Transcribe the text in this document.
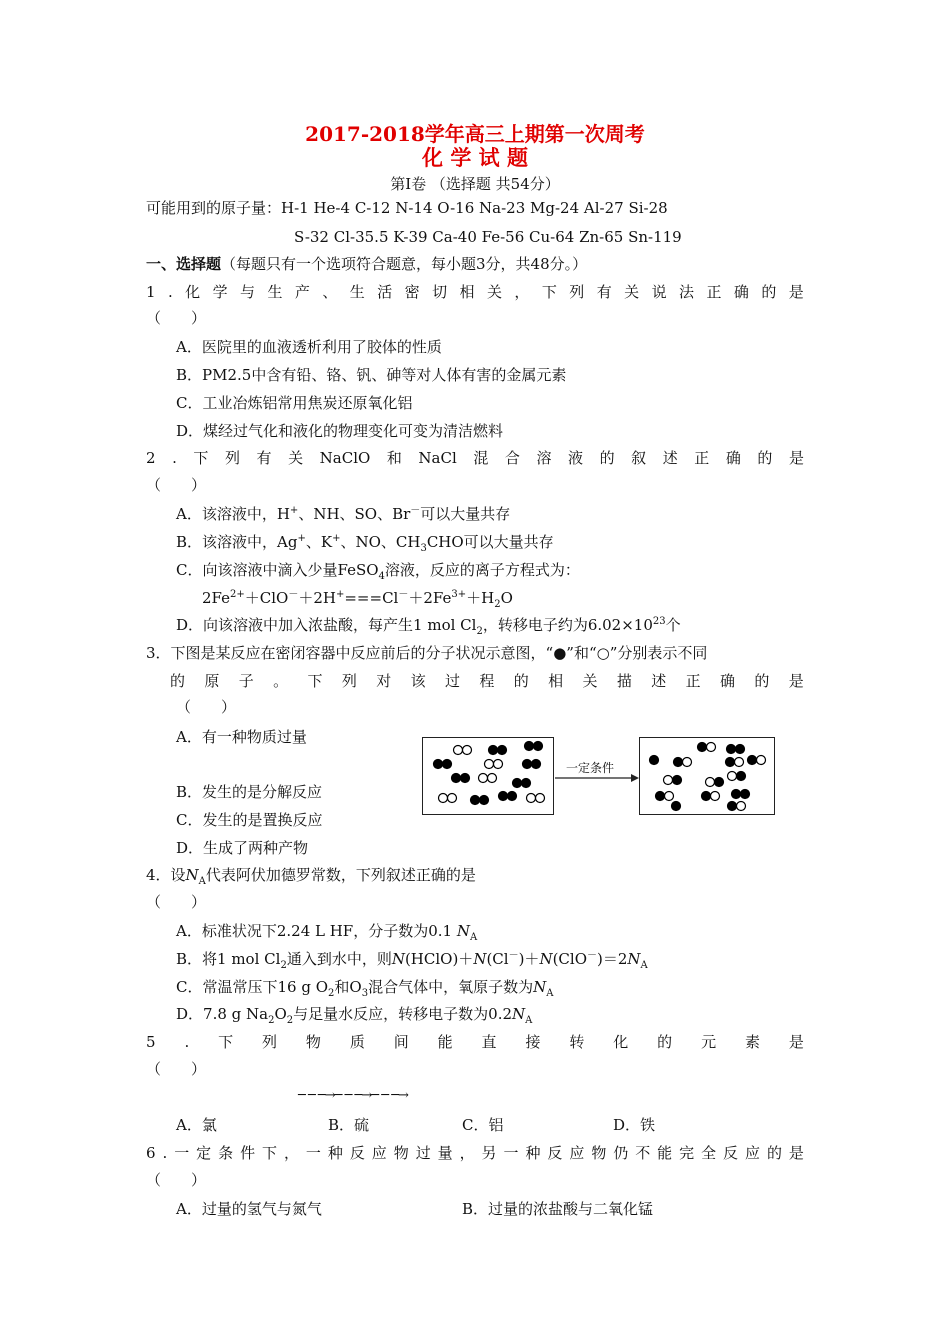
2017-2018学年高三上期第一次周考
化 学 试 题
第Ⅰ卷 （选择题 共54分）
可能用到的原子量：H-1 He-4 C-12 N-14 O-16 Na-23 Mg-24 Al-27 Si-28
S-32 Cl-35.5 K-39 Ca-40 Fe-56 Cu-64 Zn-65 Sn-119
一、选择题（每题只有一个选项符合题意，每小题3分，共48分。）
1 . 化 学 与 生 产 、 生 活 密 切 相 关 ， 下 列 有 关 说 法 正 确 的 是
（　　）
A．医院里的血液透析利用了胶体的性质
B．PM2.5中含有铅、铬、钒、砷等对人体有害的金属元素
C．工业冶炼铝常用焦炭还原氧化铝
D．煤经过气化和液化的物理变化可变为清洁燃料
2 . 下 列 有 关 NaClO 和 NaCl 混 合 溶 液 的 叙 述 正 确 的 是
（　　）
A．该溶液中，H+、NH、SO、Br－可以大量共存
B．该溶液中，Ag+、K+、NO、$CH_3CHO$可以大量共存
C．向该溶液中滴入少量FeSO$_4$溶液，反应的离子方程式为：
$2Fe^{2+}+ClO^-+2H^+===Cl^-+2Fe^{3+}+H_2O$
D．向该溶液中加入浓盐酸，每产生1 mol $Cl_2$，转移电子约为$6.02\times 10^{23}$个
3．下图是某反应在密闭容器中反应前后的分子状况示意图，“●”和“○”分别表示不同
的 原 子 。 下 列 对 该 过 程 的 相 关 描 述 正 确 的 是
（　　）
A．有一种物质过量
B．发生的是分解反应
C．发生的是置换反应
D．生成了两种产物
一定条件
4．设$N_A$代表阿伏加德罗常数，下列叙述正确的是
（　　）
A．标准状况下2.24 L HF，分子数为0.1 $N_A$
B．将1 mol $Cl_2$通入到水中，则$N(HClO)+N(Cl^-)+N(ClO^-)=2N_A$
C．常温常压下16 g $O_2$和$O_3$混合气体中，氧原子数为$N_A$
D．7.8 g $Na_2O_2$与足量水反应，转移电子数为$0.2N_A$
5 . 下 列 物 质 间 能 直 接 转 化 的 元 素 是
（　　）
─ ─ ─→─ ─ ─→─ ─ ─→
A．氯	B．硫	C．铝	D．铁
6 . 一 定 条 件 下 ， 一 种 反 应 物 过 量 ， 另 一 种 反 应 物 仍 不 能 完 全 反 应 的 是
（　　）
A．过量的氢气与氮气	B．过量的浓盐酸与二氧化锰
